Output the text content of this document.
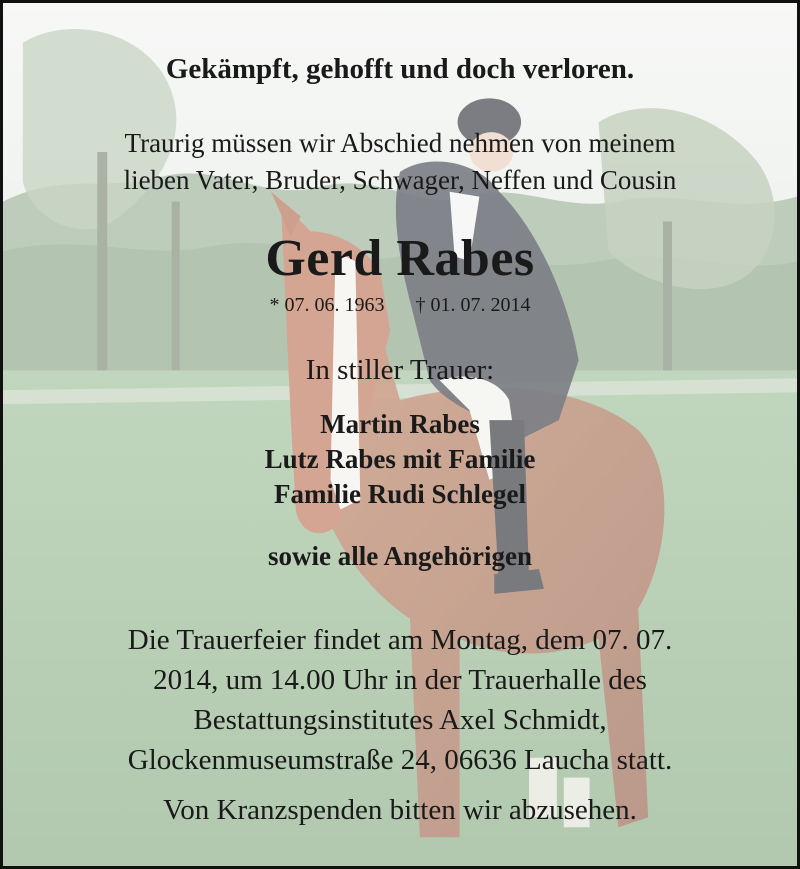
Gekämpft, gehofft und doch verloren.
Traurig müssen wir Abschied nehmen von meinem
lieben Vater, Bruder, Schwager, Neffen und Cousin
Gerd Rabes
* 07. 06. 1963 † 01. 07. 2014
In stiller Trauer:
Martin Rabes
Lutz Rabes mit Familie
Familie Rudi Schlegel
sowie alle Angehörigen
Die Trauerfeier findet am Montag, dem 07. 07.
2014, um 14.00 Uhr in der Trauerhalle des
Bestattungsinstitutes Axel Schmidt,
Glockenmuseumstraße 24, 06636 Laucha statt.
Von Kranzspenden bitten wir abzusehen.
